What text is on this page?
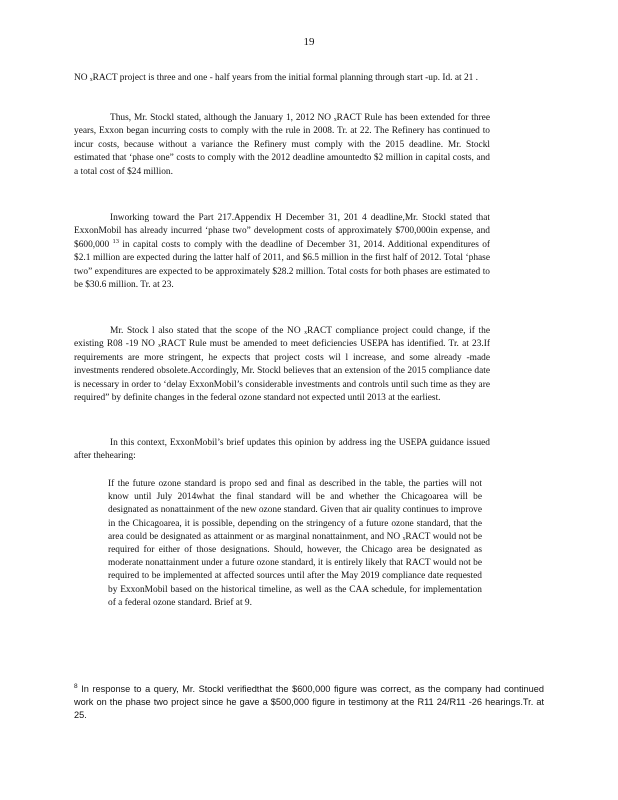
19

NO ₓRACT project is three and one - half years from the initial formal planning through start -up. Id. at 21 .

Thus, Mr. Stockl stated, although the January 1, 2012 NO ₓRACT Rule has been extended for three years, Exxon began incurring costs to comply with the rule in 2008. Tr. at 22. The Refinery has continued to incur costs, because without a variance the Refinery must comply with the 2015 deadline. Mr. Stockl estimated that ‘phase one” costs to comply with the 2012 deadline amountedto $2 million in capital costs, and a total cost of $24 million.

Inworking toward the Part 217.Appendix H December 31, 201 4 deadline,Mr. Stockl stated that ExxonMobil has already incurred ‘phase two” development costs of approximately $700,000in expense, and $600,000 $^{13}$ in capital costs to comply with the deadline of December 31, 2014. Additional expenditures of $2.1 million are expected during the latter half of 2011, and $6.5 million in the first half of 2012. Total ‘phase two” expenditures are expected to be approximately $28.2 million. Total costs for both phases are estimated to be $30.6 million. Tr. at 23.

Mr. Stock l also stated that the scope of the NO ₓRACT compliance project could change, if the existing R08 -19 NO ₓRACT Rule must be amended to meet deficiencies USEPA has identified. Tr. at 23.If requirements are more stringent, he expects that project costs wil l increase, and some already -made investments rendered obsolete.Accordingly, Mr. Stockl believes that an extension of the 2015 compliance date is necessary in order to ‘delay ExxonMobil’s considerable investments and controls until such time as they are required” by definite changes in the federal ozone standard not expected until 2013 at the earliest.

In this context, ExxonMobil’s brief updates this opinion by address ing the USEPA guidance issued after thehearing:

If the future ozone standard is propo sed and final as described in the table, the parties will not know until July 2014what the final standard will be and whether the Chicagoarea will be designated as nonattainment of the new ozone standard. Given that air quality continues to improve in the Chicagoarea, it is possible, depending on the stringency of a future ozone standard, that the area could be designated as attainment or as marginal nonattainment, and NO ₓRACT would not be required for either of those designations. Should, however, the Chicago area be designated as moderate nonattainment under a future ozone standard, it is entirely likely that RACT would not be required to be implemented at affected sources until after the May 2019 compliance date requested by ExxonMobil based on the historical timeline, as well as the CAA schedule, for implementation of a federal ozone standard. Brief at 9.

$^8$ In response to a query, Mr. Stockl verifiedthat the $600,000 figure was correct, as the company had continued work on the phase two project since he gave a $500,000 figure in testimony at the R11 24/R11 -26 hearings.Tr. at 25.
